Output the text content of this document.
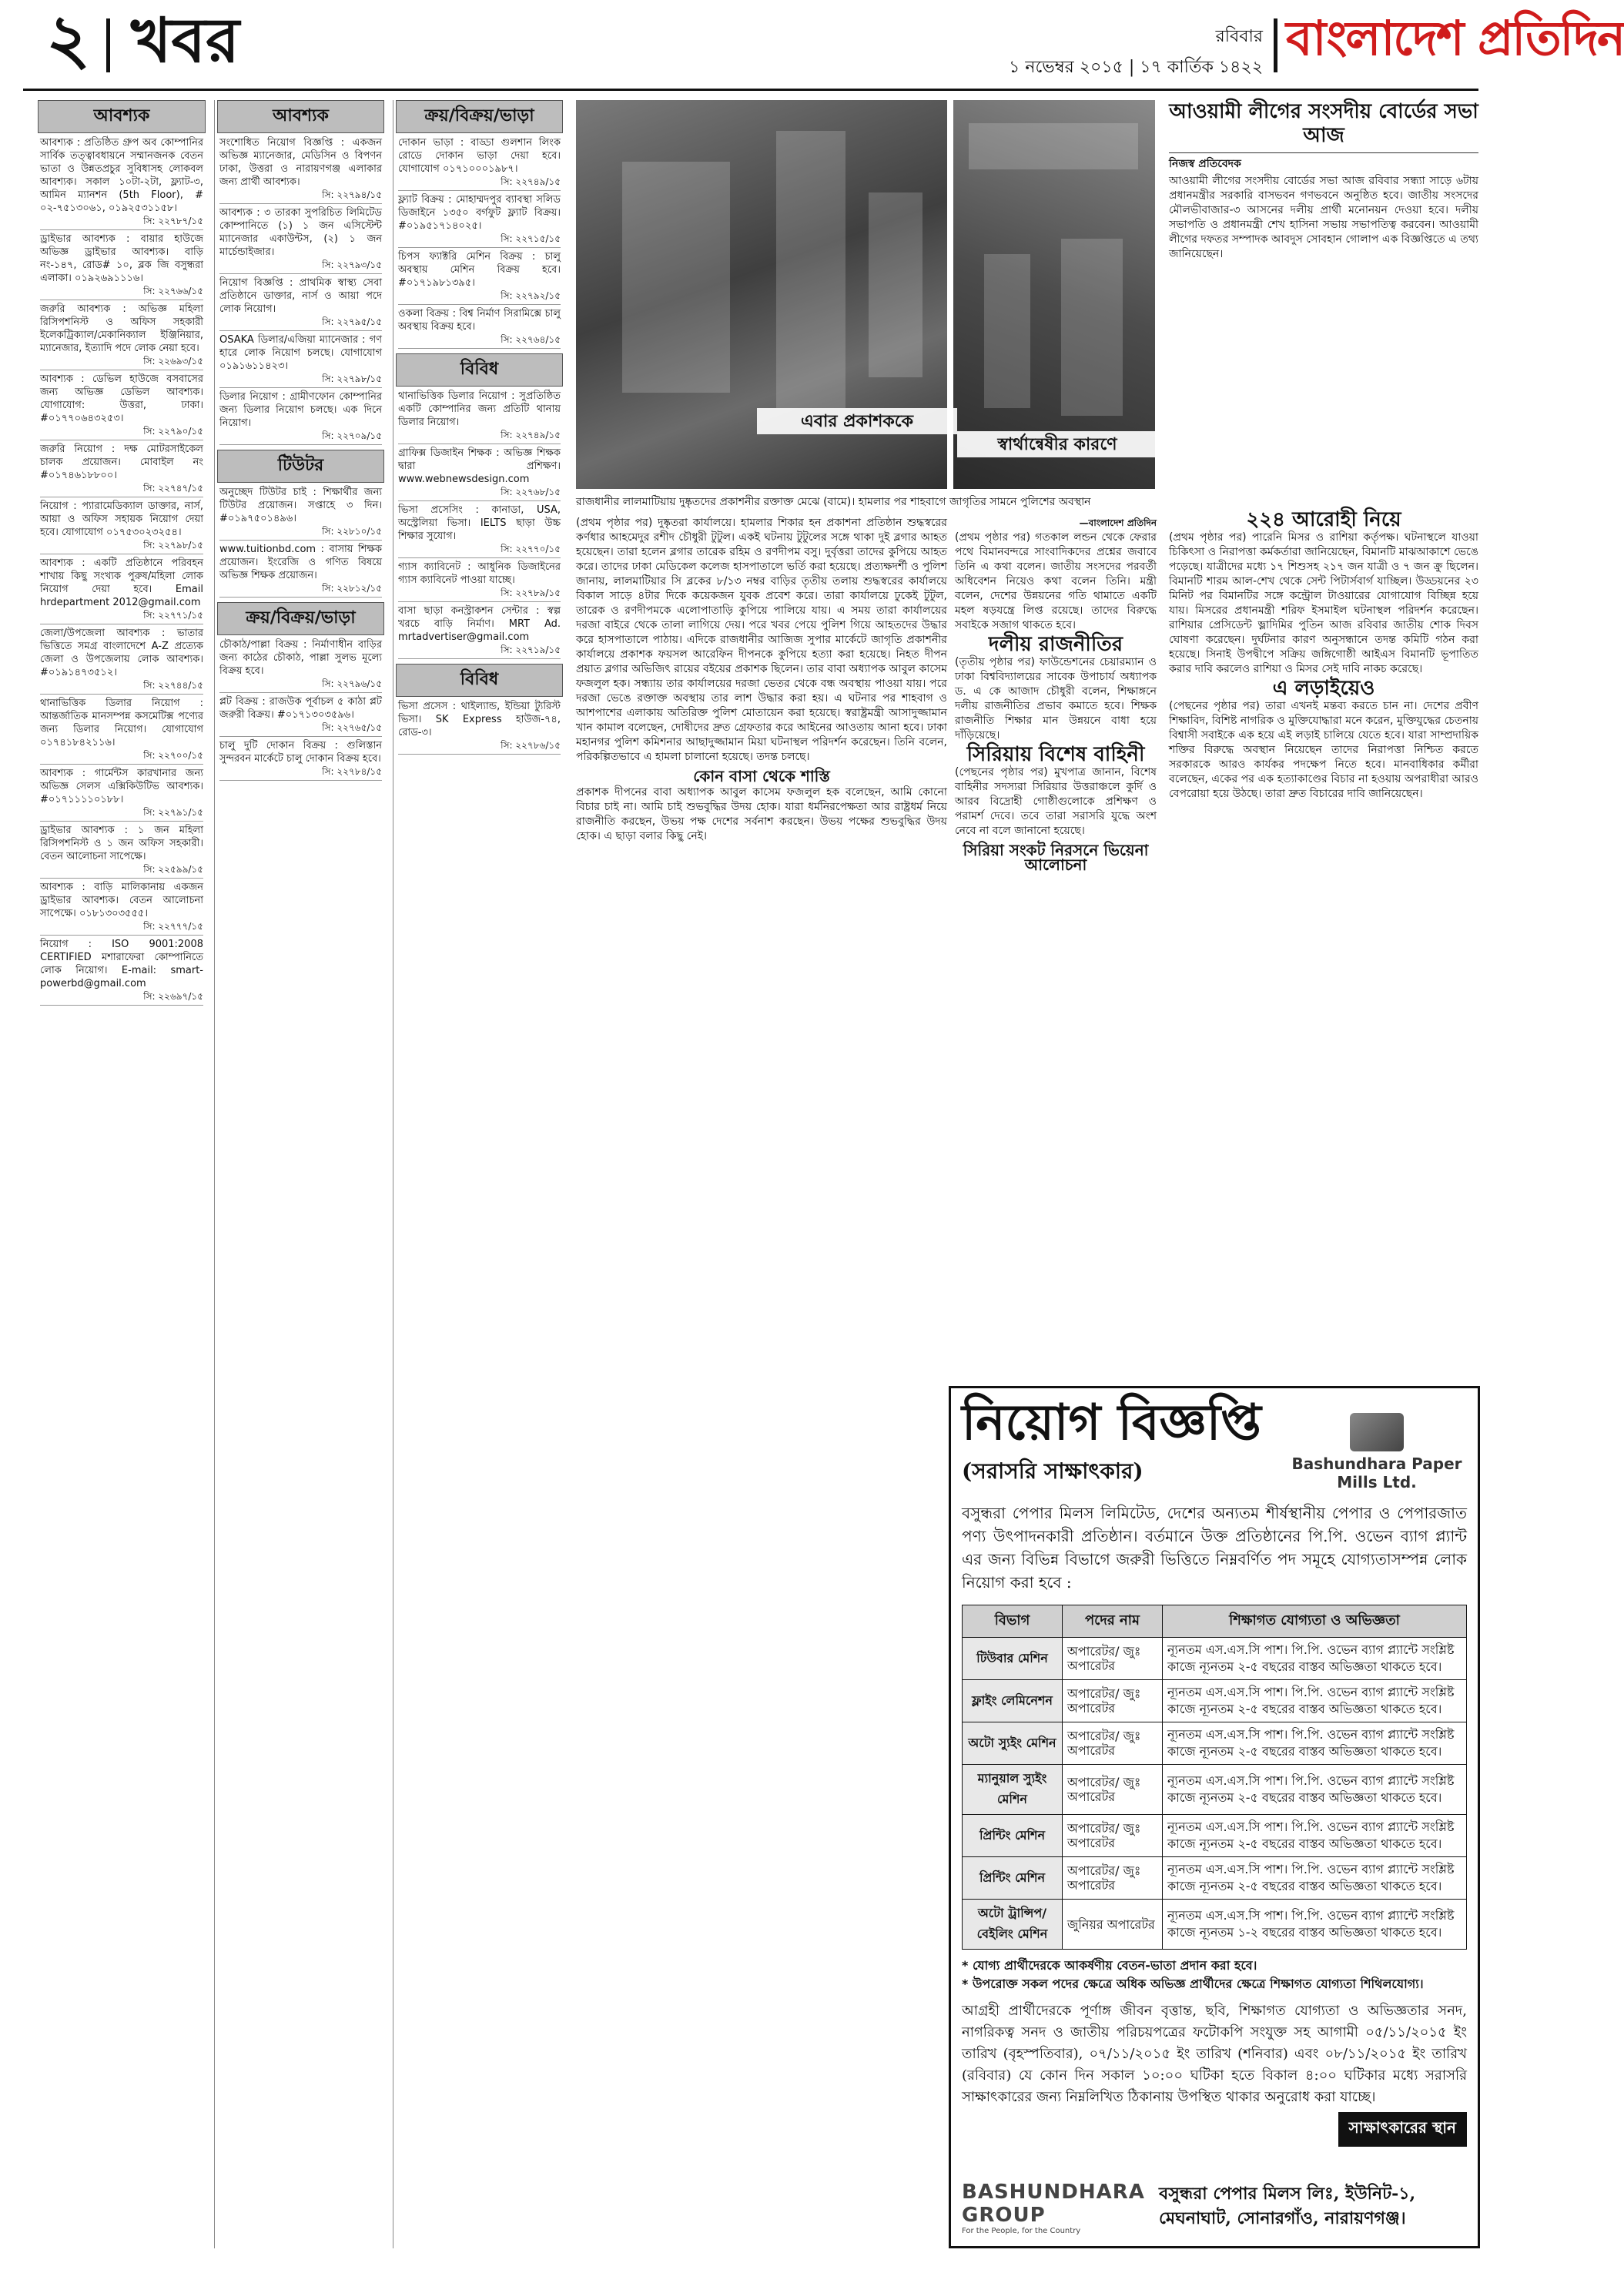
২ খবর	রবিবার
১ নভেম্বর ২০১৫ | ১৭ কার্তিক ১৪২২
বাংলাদেশ প্রতিদিন
আবশ্যক
আবশ্যক : প্রতিষ্ঠিত গ্রুপ অব কোম্পানির সার্বিক তত্ত্বাবধায়নে সম্মানজনক বেতন ভাতা ও উন্নতপ্রচুর সুবিধাসহ লোকবল আবশ্যক। সকাল ১০টা-২টা, ফ্ল্যাট-৩, আমিন ম্যানশন (5th Floor), # ০২-৭৫১৩০৬১, ০১৯২৫৩১১৫৮।
সি: ২২৭৮৭/১৫
ড্রাইভার আবশ্যক : বায়ার হাউজে অভিজ্ঞ ড্রাইভার আবশ্যক। বাড়ি নং-১৪৭, রোড# ১০, ব্লক জি বসুন্ধরা এলাকা। ০১৯২৬৯১১১৬।
সি: ২২৭৬৬/১৫
জরুরি আবশ্যক : অভিজ্ঞ মহিলা রিসিপশনিস্ট ও অফিস সহকারী ইলেকট্রিক্যাল/মেকানিক্যাল ইঞ্জিনিয়ার, ম্যানেজার, ইত্যাদি পদে লোক নেয়া হবে।
সি: ২২৬৯৩/১৫
আবশ্যক : ডেভিল হাউজে বসবাসের জন্য অভিজ্ঞ ডেভিল আবশ্যক। যোগাযোগ: উত্তরা, ঢাকা। #০১৭৭০৬৪৩২৫৩।
সি: ২২৭৯০/১৫
জরুরি নিয়োগ : দক্ষ মোটরসাইকেল চালক প্রয়োজন। মোবাইল নং #০১৭৪৬১৮৮০০।
সি: ২২৭৪৭/১৫
নিয়োগ : প্যারামেডিক্যাল ডাক্তার, নার্স, আয়া ও অফিস সহায়ক নিয়োগ দেয়া হবে। যোগাযোগ ০১৭৫৩০২৩২৫৪।
সি: ২২৭৯৮/১৫
আবশ্যক : একটি প্রতিষ্ঠানে পরিবহন শাখায় কিছু সংখ্যক পুরুষ/মহিলা লোক নিয়োগ দেয়া হবে। Email hrdepartment 2012@gmail.com
সি: ২২৭৭১/১৫
জেলা/উপজেলা আবশ্যক : ভাতার ভিত্তিতে সমগ্র বাংলাদেশে A-Z প্রত্যেক জেলা ও উপজেলায় লোক আবশ্যক। #০১৯১৪৭৩৫১২।
সি: ২২৭৪৪/১৫
থানাভিত্তিক ডিলার নিয়োগ : আন্তর্জাতিক মানসম্পন্ন কসমেটিক্স পণ্যের জন্য ডিলার নিয়োগ। যোগাযোগ ০১৭৪১৮৪২১১৬।
সি: ২২৭০০/১৫
আবশ্যক : গার্মেন্টস কারখানার জন্য অভিজ্ঞ সেলস এক্সিকিউটিভ আবশ্যক। #০১৭১১১১০১৮৮।
সি: ২২৭৯১/১৫
ড্রাইভার আবশ্যক : ১ জন মহিলা রিসিপশনিস্ট ও ১ জন অফিস সহকারী। বেতন আলোচনা সাপেক্ষে।
সি: ২২৫৯৯/১৫
আবশ্যক : বাড়ি মালিকানায় একজন ড্রাইভার আবশ্যক। বেতন আলোচনা সাপেক্ষে। ০১৮১৩০৩৫৫৫।
সি: ২২৭৭৭/১৫
নিয়োগ : ISO 9001:2008 CERTIFIED মশারাফেরা কোম্পানিতে লোক নিয়োগ। E-mail: smart-powerbd@gmail.com
সি: ২২৬৯৭/১৫
আবশ্যক
সংশোধিত নিয়োগ বিজ্ঞপ্তি : একজন অভিজ্ঞ ম্যানেজার, মেডিসিন ও বিপণন ঢাকা, উত্তরা ও নারায়ণগঞ্জ এলাকার জন্য প্রার্থী আবশ্যক।
সি: ২২৭৯৪/১৫
আবশ্যক : ৩ তারকা সুপরিচিত লিমিটেড কোম্পানিতে (১) ১ জন এসিস্টেন্ট ম্যানেজার একাউন্টস, (২) ১ জন মার্চেন্ডাইজার।
সি: ২২৭৯৩/১৫
নিয়োগ বিজ্ঞপ্তি : প্রাথমিক স্বাস্থ্য সেবা প্রতিষ্ঠানে ডাক্তার, নার্স ও আয়া পদে লোক নিয়োগ।
সি: ২২৭৯৫/১৫
OSAKA ডিলার/এজিয়া ম্যানেজার : গণ হারে লোক নিয়োগ চলছে। যোগাযোগ ০১৯১৬১১৪২৩।
সি: ২২৭৯৮/১৫
ডিলার নিয়োগ : গ্রামীণফোন কোম্পানির জন্য ডিলার নিয়োগ চলছে। এক দিনে নিয়োগ।
সি: ২২৭০৯/১৫
টিউটর
অনুচ্ছেদ টিউটর চাই : শিক্ষার্থীর জন্য টিউটর প্রয়োজন। সপ্তাহে ৩ দিন। #০১৯৭৫০১৪৯৬।
সি: ২২৮১০/১৫
www.tuitionbd.com : বাসায় শিক্ষক প্রয়োজন। ইংরেজি ও গণিত বিষয়ে অভিজ্ঞ শিক্ষক প্রয়োজন।
সি: ২২৮১২/১৫
ক্রয়/বিক্রয়/ভাড়া
চৌকাঠ/পাল্লা বিক্রয় : নির্মাণাধীন বাড়ির জন্য কাঠের চৌকাঠ, পাল্লা সুলভ মূল্যে বিক্রয় হবে।
সি: ২২৭৯৬/১৫
প্লট বিক্রয় : রাজউক পূর্বাচল ৫ কাঠা প্লট জরুরী বিক্রয়। #০১৭১৩০৩৫৯৬।
সি: ২২৭৬৫/১৫
চালু দুটি দোকান বিক্রয় : গুলিস্তান সুন্দরবন মার্কেটে চালু দোকান বিক্রয় হবে।
সি: ২২৭৮৪/১৫
ক্রয়/বিক্রয়/ভাড়া
দোকান ভাড়া : বাড্ডা গুলশান লিংক রোডে দোকান ভাড়া দেয়া হবে। যোগাযোগ ০১৭১০০০১৯৮৭।
সি: ২২৭৪৯/১৫
ফ্ল্যাট বিক্রয় : মোহাম্মদপুর ব্যাবস্থা সলিড ডিজাইনে ১৩৫০ বর্গফুট ফ্ল্যাট বিক্রয়। #০১৯৫১৭১৪০২৫।
সি: ২২৭১৫/১৫
চিপস ফ্যাক্টরি মেশিন বিক্রয় : চালু অবস্থায় মেশিন বিক্রয় হবে। #০১৭১৯৮১৩৯৫।
সি: ২২৭৯২/১৫
ওকলা বিক্রয় : বিশ্ব নির্মাণ সিরামিক্সে চালু অবস্থায় বিক্রয় হবে।
সি: ২২৭৬৪/১৫
বিবিধ
থানাভিত্তিক ডিলার নিয়োগ : সুপ্রতিষ্ঠিত একটি কোম্পানির জন্য প্রতিটি থানায় ডিলার নিয়োগ।
সি: ২২৭৪৯/১৫
গ্রাফিক্স ডিজাইন শিক্ষক : অভিজ্ঞ শিক্ষক দ্বারা প্রশিক্ষণ। www.webnewsdesign.com
সি: ২২৭৬৮/১৫
ভিসা প্রসেসিং : কানাডা, USA, অস্ট্রেলিয়া ভিসা। IELTS ছাড়া উচ্চ শিক্ষার সুযোগ।
সি: ২২৭৭০/১৫
গ্যাস ক্যাবিনেট : আধুনিক ডিজাইনের গ্যাস ক্যাবিনেট পাওয়া যাচ্ছে।
সি: ২২৭৮৯/১৫
বাসা ছাড়া কনস্ট্রাকশন সেন্টার : স্বল্প খরচে বাড়ি নির্মাণ। MRT Ad. mrtadvertiser@gmail.com
সি: ২২৭১৯/১৫
বিবিধ
ভিসা প্রসেস : থাইল্যান্ড, ইন্ডিয়া ট্যুরিস্ট ভিসা। SK Express হাউজ-৭৪, রোড-৩।
সি: ২২৭৮৬/১৫
এবার প্রকাশককে
স্বার্থান্বেষীর কারণে
রাজধানীর লালমাটিয়ায় দুষ্কৃতদের প্রকাশনীর রক্তাক্ত মেঝে (বামে)। হামলার পর শাহবাগে জাগৃতির সামনে পুলিশের অবস্থান
আওয়ামী লীগের সংসদীয় বোর্ডের সভা আজ
নিজস্ব প্রতিবেদক
আওয়ামী লীগের সংসদীয় বোর্ডের সভা আজ রবিবার সন্ধ্যা সাড়ে ৬টায় প্রধানমন্ত্রীর সরকারি বাসভবন গণভবনে অনুষ্ঠিত হবে। জাতীয় সংসদের মৌলভীবাজার-৩ আসনের দলীয় প্রার্থী মনোনয়ন দেওয়া হবে। দলীয় সভাপতি ও প্রধানমন্ত্রী শেখ হাসিনা সভায় সভাপতিত্ব করবেন। আওয়ামী লীগের দফতর সম্পাদক আবদুস সোবহান গোলাপ এক বিজ্ঞপ্তিতে এ তথ্য জানিয়েছেন।

(প্রথম পৃষ্ঠার পর) দুষ্কৃতরা কার্যালয়ে। হামলার শিকার হন প্রকাশনা প্রতিষ্ঠান শুদ্ধস্বরের কর্ণধার আহমেদুর রশীদ চৌধুরী টুটুল। একই ঘটনায় টুটুলের সঙ্গে থাকা দুই ব্লগার আহত হয়েছেন। তারা হলেন ব্লগার তারেক রহিম ও রণদীপম বসু। দুর্বৃত্তরা তাদের কুপিয়ে আহত করে। তাদের ঢাকা মেডিকেল কলেজ হাসপাতালে ভর্তি করা হয়েছে। প্রত্যক্ষদর্শী ও পুলিশ জানায়, লালমাটিয়ার সি ব্লকের ৮/১৩ নম্বর বাড়ির তৃতীয় তলায় শুদ্ধস্বরের কার্যালয়ে বিকাল সাড়ে ৪টার দিকে কয়েকজন যুবক প্রবেশ করে। তারা কার্যালয়ে ঢুকেই টুটুল, তারেক ও রণদীপমকে এলোপাতাড়ি কুপিয়ে পালিয়ে যায়। এ সময় তারা কার্যালয়ের দরজা বাইরে থেকে তালা লাগিয়ে দেয়। পরে খবর পেয়ে পুলিশ গিয়ে আহতদের উদ্ধার করে হাসপাতালে পাঠায়। এদিকে রাজধানীর আজিজ সুপার মার্কেটে জাগৃতি প্রকাশনীর কার্যালয়ে প্রকাশক ফয়সল আরেফিন দীপনকে কুপিয়ে হত্যা করা হয়েছে। নিহত দীপন প্রয়াত ব্লগার অভিজিৎ রায়ের বইয়ের প্রকাশক ছিলেন। তার বাবা অধ্যাপক আবুল কাসেম ফজলুল হক। সন্ধ্যায় তার কার্যালয়ের দরজা ভেতর থেকে বন্ধ অবস্থায় পাওয়া যায়। পরে দরজা ভেঙে রক্তাক্ত অবস্থায় তার লাশ উদ্ধার করা হয়। এ ঘটনার পর শাহবাগ ও আশপাশের এলাকায় অতিরিক্ত পুলিশ মোতায়েন করা হয়েছে। স্বরাষ্ট্রমন্ত্রী আসাদুজ্জামান খান কামাল বলেছেন, দোষীদের দ্রুত গ্রেফতার করে আইনের আওতায় আনা হবে। ঢাকা মহানগর পুলিশ কমিশনার আছাদুজ্জামান মিয়া ঘটনাস্থল পরিদর্শন করেছেন। তিনি বলেন, পরিকল্পিতভাবে এ হামলা চালানো হয়েছে। তদন্ত চলছে।

কোন বাসা থেকে শাস্তি

প্রকাশক দীপনের বাবা অধ্যাপক আবুল কাসেম ফজলুল হক বলেছেন, আমি কোনো বিচার চাই না। আমি চাই শুভবুদ্ধির উদয় হোক। যারা ধর্মনিরপেক্ষতা আর রাষ্ট্রধর্ম নিয়ে রাজনীতি করছেন, উভয় পক্ষ দেশের সর্বনাশ করছেন। উভয় পক্ষের শুভবুদ্ধির উদয় হোক। এ ছাড়া বলার কিছু নেই।

—বাংলাদেশ প্রতিদিন

(প্রথম পৃষ্ঠার পর) গতকাল লন্ডন থেকে ফেরার পথে বিমানবন্দরে সাংবাদিকদের প্রশ্নের জবাবে তিনি এ কথা বলেন। জাতীয় সংসদের পরবর্তী অধিবেশন নিয়েও কথা বলেন তিনি। মন্ত্রী বলেন, দেশের উন্নয়নের গতি থামাতে একটি মহল ষড়যন্ত্রে লিপ্ত রয়েছে। তাদের বিরুদ্ধে সবাইকে সজাগ থাকতে হবে।

দলীয় রাজনীতির

(তৃতীয় পৃষ্ঠার পর) ফাউন্ডেশনের চেয়ারম্যান ও ঢাকা বিশ্ববিদ্যালয়ের সাবেক উপাচার্য অধ্যাপক ড. এ কে আজাদ চৌধুরী বলেন, শিক্ষাঙ্গনে দলীয় রাজনীতির প্রভাব কমাতে হবে। শিক্ষক রাজনীতি শিক্ষার মান উন্নয়নে বাধা হয়ে দাঁড়িয়েছে।

সিরিয়ায় বিশেষ বাহিনী

(পেছনের পৃষ্ঠার পর) মুখপাত্র জানান, বিশেষ বাহিনীর সদস্যরা সিরিয়ার উত্তরাঞ্চলে কুর্দি ও আরব বিদ্রোহী গোষ্ঠীগুলোকে প্রশিক্ষণ ও পরামর্শ দেবে। তবে তারা সরাসরি যুদ্ধে অংশ নেবে না বলে জানানো হয়েছে।

সিরিয়া সংকট নিরসনে ভিয়েনা আলোচনা
২২৪ আরোহী নিয়ে

(প্রথম পৃষ্ঠার পর) পারেনি মিসর ও রাশিয়া কর্তৃপক্ষ। ঘটনাস্থলে যাওয়া চিকিৎসা ও নিরাপত্তা কর্মকর্তারা জানিয়েছেন, বিমানটি মাঝআকাশে ভেঙে পড়েছে। যাত্রীদের মধ্যে ১৭ শিশুসহ ২১৭ জন যাত্রী ও ৭ জন ক্রু ছিলেন। বিমানটি শারম আল-শেখ থেকে সেন্ট পিটার্সবার্গ যাচ্ছিল। উড্ডয়নের ২৩ মিনিট পর বিমানটির সঙ্গে কন্ট্রোল টাওয়ারের যোগাযোগ বিচ্ছিন্ন হয়ে যায়। মিসরের প্রধানমন্ত্রী শরিফ ইসমাইল ঘটনাস্থল পরিদর্শন করেছেন। রাশিয়ার প্রেসিডেন্ট ভ্লাদিমির পুতিন আজ রবিবার জাতীয় শোক দিবস ঘোষণা করেছেন। দুর্ঘটনার কারণ অনুসন্ধানে তদন্ত কমিটি গঠন করা হয়েছে। সিনাই উপদ্বীপে সক্রিয় জঙ্গিগোষ্ঠী আইএস বিমানটি ভূপাতিত করার দাবি করলেও রাশিয়া ও মিসর সেই দাবি নাকচ করেছে।

এ লড়াইয়েও

(পেছনের পৃষ্ঠার পর) তারা এখনই মন্তব্য করতে চান না। দেশের প্রবীণ শিক্ষাবিদ, বিশিষ্ট নাগরিক ও মুক্তিযোদ্ধারা মনে করেন, মুক্তিযুদ্ধের চেতনায় বিশ্বাসী সবাইকে এক হয়ে এই লড়াই চালিয়ে যেতে হবে। যারা সাম্প্রদায়িক শক্তির বিরুদ্ধে অবস্থান নিয়েছেন তাদের নিরাপত্তা নিশ্চিত করতে সরকারকে আরও কার্যকর পদক্ষেপ নিতে হবে। মানবাধিকার কর্মীরা বলেছেন, একের পর এক হত্যাকাণ্ডের বিচার না হওয়ায় অপরাধীরা আরও বেপরোয়া হয়ে উঠছে। তারা দ্রুত বিচারের দাবি জানিয়েছেন।

নিয়োগ বিজ্ঞপ্তি
(সরাসরি সাক্ষাৎকার)	Bashundhara Paper Mills Ltd.
বসুন্ধরা পেপার মিলস লিমিটেড, দেশের অন্যতম শীর্ষস্থানীয় পেপার ও পেপারজাত পণ্য উৎপাদনকারী প্রতিষ্ঠান। বর্তমানে উক্ত প্রতিষ্ঠানের পি.পি. ওভেন ব্যাগ প্ল্যান্ট এর জন্য বিভিন্ন বিভাগে জরুরী ভিত্তিতে নিম্নবর্ণিত পদ সমূহে যোগ্যতাসম্পন্ন লোক নিয়োগ করা হবে :
বিভাগ	পদের নাম	শিক্ষাগত যোগ্যতা ও অভিজ্ঞতা
টিউবার মেশিন	অপারেটর/ জুঃ অপারেটর	ন্যূনতম এস.এস.সি পাশ। পি.পি. ওভেন ব্যাগ প্ল্যান্টে সংশ্লিষ্ট কাজে ন্যূনতম ২-৫ বছরের বাস্তব অভিজ্ঞতা থাকতে হবে।
ফ্লাইং লেমিনেশন	অপারেটর/ জুঃ অপারেটর	ন্যূনতম এস.এস.সি পাশ। পি.পি. ওভেন ব্যাগ প্ল্যান্টে সংশ্লিষ্ট কাজে ন্যূনতম ২-৫ বছরের বাস্তব অভিজ্ঞতা থাকতে হবে।
অটো স্যুইং মেশিন	অপারেটর/ জুঃ অপারেটর	ন্যূনতম এস.এস.সি পাশ। পি.পি. ওভেন ব্যাগ প্ল্যান্টে সংশ্লিষ্ট কাজে ন্যূনতম ২-৫ বছরের বাস্তব অভিজ্ঞতা থাকতে হবে।
ম্যানুয়াল স্যুইং মেশিন	অপারেটর/ জুঃ অপারেটর	ন্যূনতম এস.এস.সি পাশ। পি.পি. ওভেন ব্যাগ প্ল্যান্টে সংশ্লিষ্ট কাজে ন্যূনতম ২-৫ বছরের বাস্তব অভিজ্ঞতা থাকতে হবে।
প্রিন্টিং মেশিন	অপারেটর/ জুঃ অপারেটর	ন্যূনতম এস.এস.সি পাশ। পি.পি. ওভেন ব্যাগ প্ল্যান্টে সংশ্লিষ্ট কাজে ন্যূনতম ২-৫ বছরের বাস্তব অভিজ্ঞতা থাকতে হবে।
প্রিন্টিং মেশিন	অপারেটর/ জুঃ অপারেটর	ন্যূনতম এস.এস.সি পাশ। পি.পি. ওভেন ব্যাগ প্ল্যান্টে সংশ্লিষ্ট কাজে ন্যূনতম ২-৫ বছরের বাস্তব অভিজ্ঞতা থাকতে হবে।
অটো ট্রান্সিপ/ বেইলিং মেশিন	জুনিয়র অপারেটর	ন্যূনতম এস.এস.সি পাশ। পি.পি. ওভেন ব্যাগ প্ল্যান্টে সংশ্লিষ্ট কাজে ন্যূনতম ১-২ বছরের বাস্তব অভিজ্ঞতা থাকতে হবে।
* যোগ্য প্রার্থীদেরকে আকর্ষণীয় বেতন-ভাতা প্রদান করা হবে।
* উপরোক্ত সকল পদের ক্ষেত্রে অধিক অভিজ্ঞ প্রার্থীদের ক্ষেত্রে শিক্ষাগত যোগ্যতা শিথিলযোগ্য।
আগ্রহী প্রার্থীদেরকে পূর্ণাঙ্গ জীবন বৃত্তান্ত, ছবি, শিক্ষাগত যোগ্যতা ও অভিজ্ঞতার সনদ, নাগরিকত্ব সনদ ও জাতীয় পরিচয়পত্রের ফটোকপি সংযুক্ত সহ আগামী ০৫/১১/২০১৫ ইং তারিখ (বৃহস্পতিবার), ০৭/১১/২০১৫ ইং তারিখ (শনিবার) এবং ০৮/১১/২০১৫ ইং তারিখ (রবিবার) যে কোন দিন সকাল ১০:০০ ঘটিকা হতে বিকাল ৪:০০ ঘটিকার মধ্যে সরাসরি সাক্ষাৎকারের জন্য নিম্নলিখিত ঠিকানায় উপস্থিত থাকার অনুরোধ করা যাচ্ছে।
সাক্ষাৎকারের স্থান
BASHUNDHARA GROUP
For the People, for the Country
বসুন্ধরা পেপার মিলস লিঃ, ইউনিট-১, মেঘনাঘাট, সোনারগাঁও, নারায়ণগঞ্জ।
